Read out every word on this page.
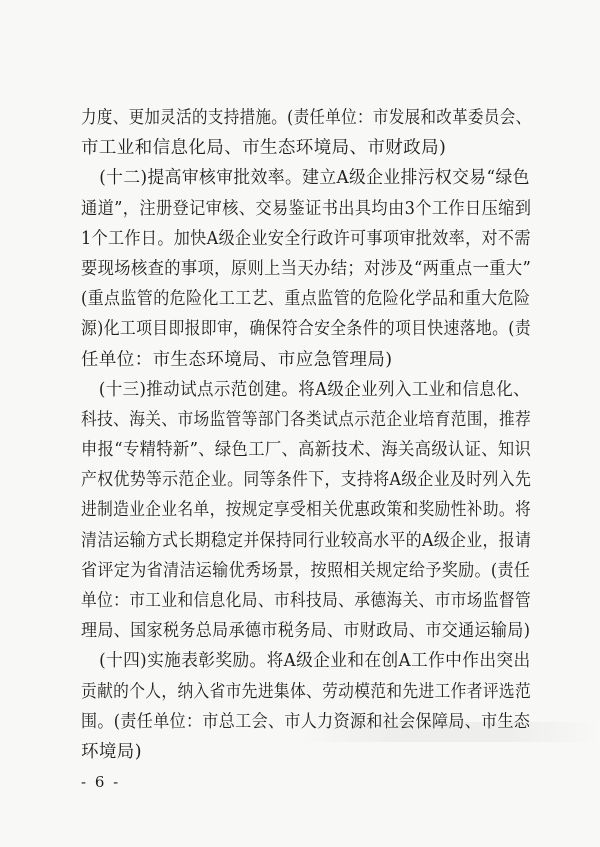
力度、更加灵活的支持措施。(责任单位：市发展和改革委员会、
市工业和信息化局、市生态环境局、市财政局)
(十二)提高审核审批效率。建立A级企业排污权交易“绿色
通道”，注册登记审核、交易鉴证书出具均由3个工作日压缩到
1个工作日。加快A级企业安全行政许可事项审批效率，对不需
要现场核查的事项，原则上当天办结；对涉及“两重点一重大”
(重点监管的危险化工工艺、重点监管的危险化学品和重大危险
源)化工项目即报即审，确保符合安全条件的项目快速落地。(责
任单位：市生态环境局、市应急管理局)
(十三)推动试点示范创建。将A级企业列入工业和信息化、
科技、海关、市场监管等部门各类试点示范企业培育范围，推荐
申报“专精特新”、绿色工厂、高新技术、海关高级认证、知识
产权优势等示范企业。同等条件下，支持将A级企业及时列入先
进制造业企业名单，按规定享受相关优惠政策和奖励性补助。将
清洁运输方式长期稳定并保持同行业较高水平的A级企业，报请
省评定为省清洁运输优秀场景，按照相关规定给予奖励。(责任
单位：市工业和信息化局、市科技局、承德海关、市市场监督管
理局、国家税务总局承德市税务局、市财政局、市交通运输局)
(十四)实施表彰奖励。将A级企业和在创A工作中作出突出
贡献的个人，纳入省市先进集体、劳动模范和先进工作者评选范
围。(责任单位：市总工会、市人力资源和社会保障局、市生态
环境局)
- 6 -
